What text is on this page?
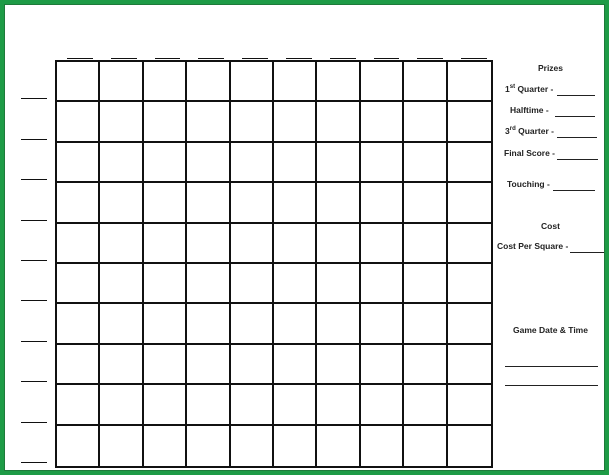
Prizes
1st Quarter -
Halftime -
3rd Quarter -
Final Score -
Touching -
Cost
Cost Per Square -
Game Date & Time
